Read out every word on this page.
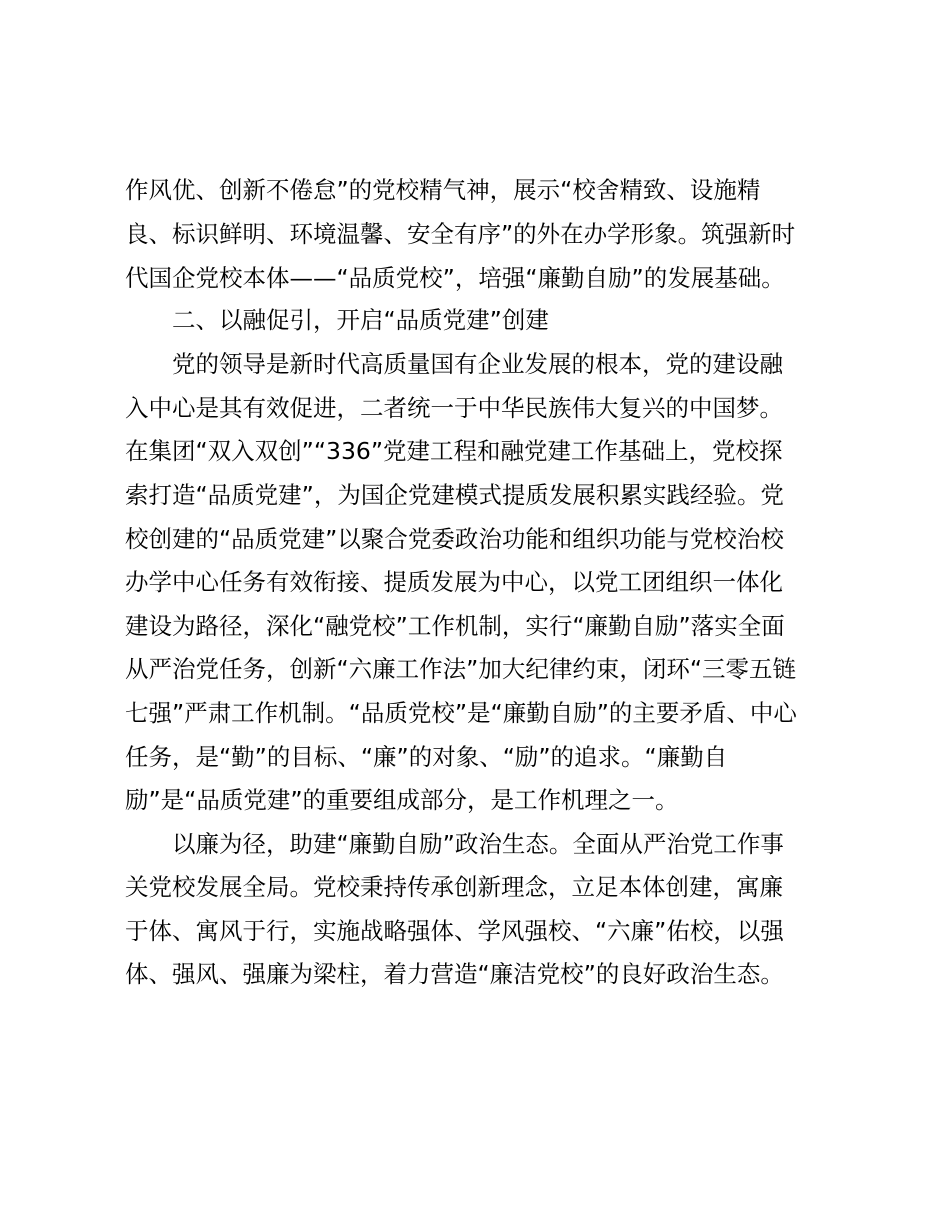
作风优、创新不倦怠”的党校精气神，展示“校舍精致、设施精
良、标识鲜明、环境温馨、安全有序”的外在办学形象。筑强新时
代国企党校本体——“品质党校”，培强“廉勤自励”的发展基础。
二、以融促引，开启“品质党建”创建
党的领导是新时代高质量国有企业发展的根本，党的建设融
入中心是其有效促进，二者统一于中华民族伟大复兴的中国梦。
在集团“双入双创”“336”党建工程和融党建工作基础上，党校探
索打造“品质党建”，为国企党建模式提质发展积累实践经验。党
校创建的“品质党建”以聚合党委政治功能和组织功能与党校治校
办学中心任务有效衔接、提质发展为中心，以党工团组织一体化
建设为路径，深化“融党校”工作机制，实行“廉勤自励”落实全面
从严治党任务，创新“六廉工作法”加大纪律约束，闭环“三零五链
七强”严肃工作机制。“品质党校”是“廉勤自励”的主要矛盾、中心
任务，是“勤”的目标、“廉”的对象、“励”的追求。“廉勤自
励”是“品质党建”的重要组成部分，是工作机理之一。
以廉为径，助建“廉勤自励”政治生态。全面从严治党工作事
关党校发展全局。党校秉持传承创新理念，立足本体创建，寓廉
于体、寓风于行，实施战略强体、学风强校、“六廉”佑校，以强
体、强风、强廉为梁柱，着力营造“廉洁党校”的良好政治生态。
